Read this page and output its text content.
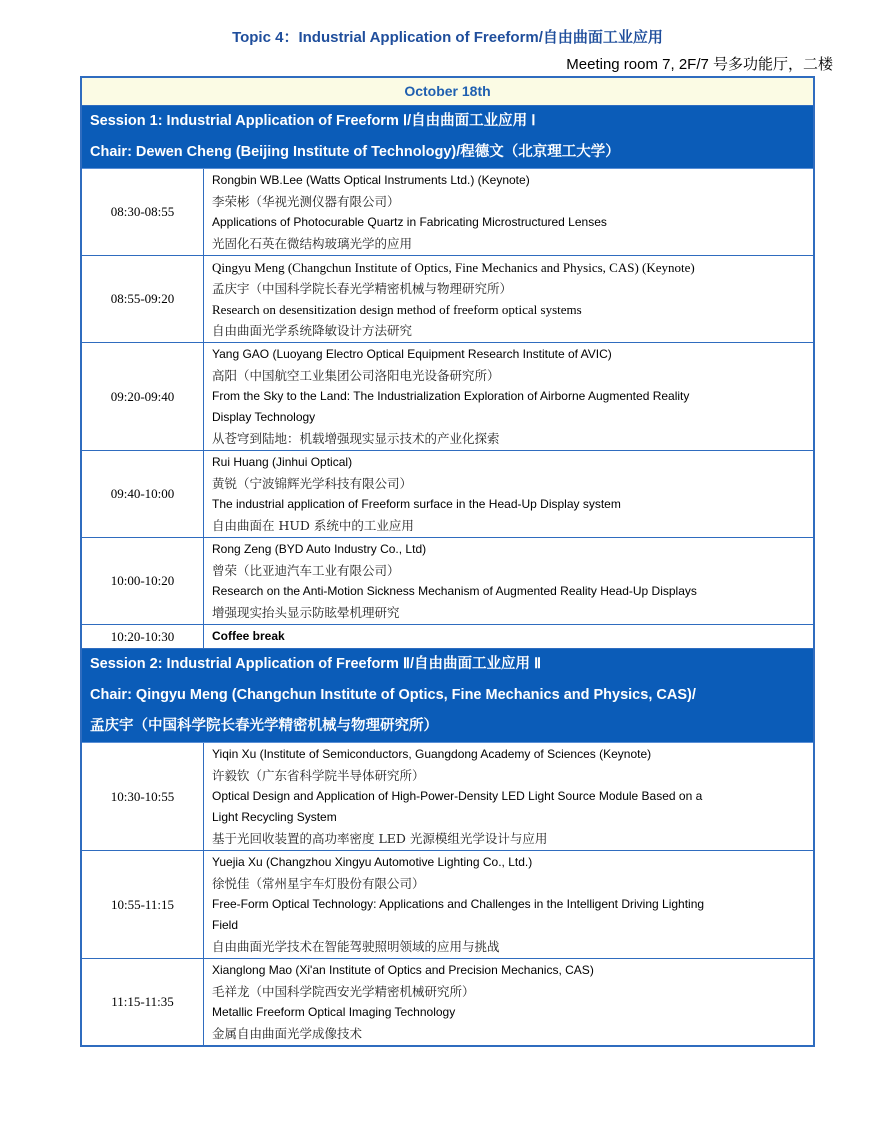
Topic 4：Industrial Application of Freeform/自由曲面工业应用
Meeting room 7, 2F/7 号多功能厅，二楼
October 18th
Session 1: Industrial Application of Freeform Ⅰ/自由曲面工业应用 Ⅰ
Chair: Dewen Cheng (Beijing Institute of Technology)/程德文（北京理工大学）
08:30-08:55
Rongbin WB.Lee (Watts Optical Instruments Ltd.) (Keynote)
李荣彬（华视光测仪器有限公司）
Applications of Photocurable Quartz in Fabricating Microstructured Lenses
光固化石英在微结构玻璃光学的应用
08:55-09:20
Qingyu Meng (Changchun Institute of Optics, Fine Mechanics and Physics, CAS) (Keynote)
孟庆宇（中国科学院长春光学精密机械与物理研究所）
Research on desensitization design method of freeform optical systems
自由曲面光学系统降敏设计方法研究
09:20-09:40
Yang GAO (Luoyang Electro Optical Equipment Research Institute of AVIC)
高阳（中国航空工业集团公司洛阳电光设备研究所）
From the Sky to the Land: The Industrialization Exploration of Airborne Augmented Reality
Display Technology
从苍穹到陆地：机载增强现实显示技术的产业化探索
09:40-10:00
Rui Huang (Jinhui Optical)
黄锐（宁波锦辉光学科技有限公司）
The industrial application of Freeform surface in the Head-Up Display system
自由曲面在 HUD 系统中的工业应用
10:00-10:20
Rong Zeng (BYD Auto Industry Co., Ltd)
曾荣（比亚迪汽车工业有限公司）
Research on the Anti-Motion Sickness Mechanism of Augmented Reality Head-Up Displays
增强现实抬头显示防眩晕机理研究
10:20-10:30	Coffee break
Session 2: Industrial Application of Freeform Ⅱ/自由曲面工业应用 Ⅱ
Chair: Qingyu Meng (Changchun Institute of Optics, Fine Mechanics and Physics, CAS)/
孟庆宇（中国科学院长春光学精密机械与物理研究所）
10:30-10:55
Yiqin Xu (Institute of Semiconductors, Guangdong Academy of Sciences (Keynote)
许毅钦（广东省科学院半导体研究所）
Optical Design and Application of High-Power-Density LED Light Source Module Based on a
Light Recycling System
基于光回收装置的高功率密度 LED 光源模组光学设计与应用
10:55-11:15
Yuejia Xu (Changzhou Xingyu Automotive Lighting Co., Ltd.)
徐悦佳（常州星宇车灯股份有限公司）
Free-Form Optical Technology: Applications and Challenges in the Intelligent Driving Lighting
Field
自由曲面光学技术在智能驾驶照明领域的应用与挑战
11:15-11:35
Xianglong Mao (Xi'an Institute of Optics and Precision Mechanics, CAS)
毛祥龙（中国科学院西安光学精密机械研究所）
Metallic Freeform Optical Imaging Technology
金属自由曲面光学成像技术
